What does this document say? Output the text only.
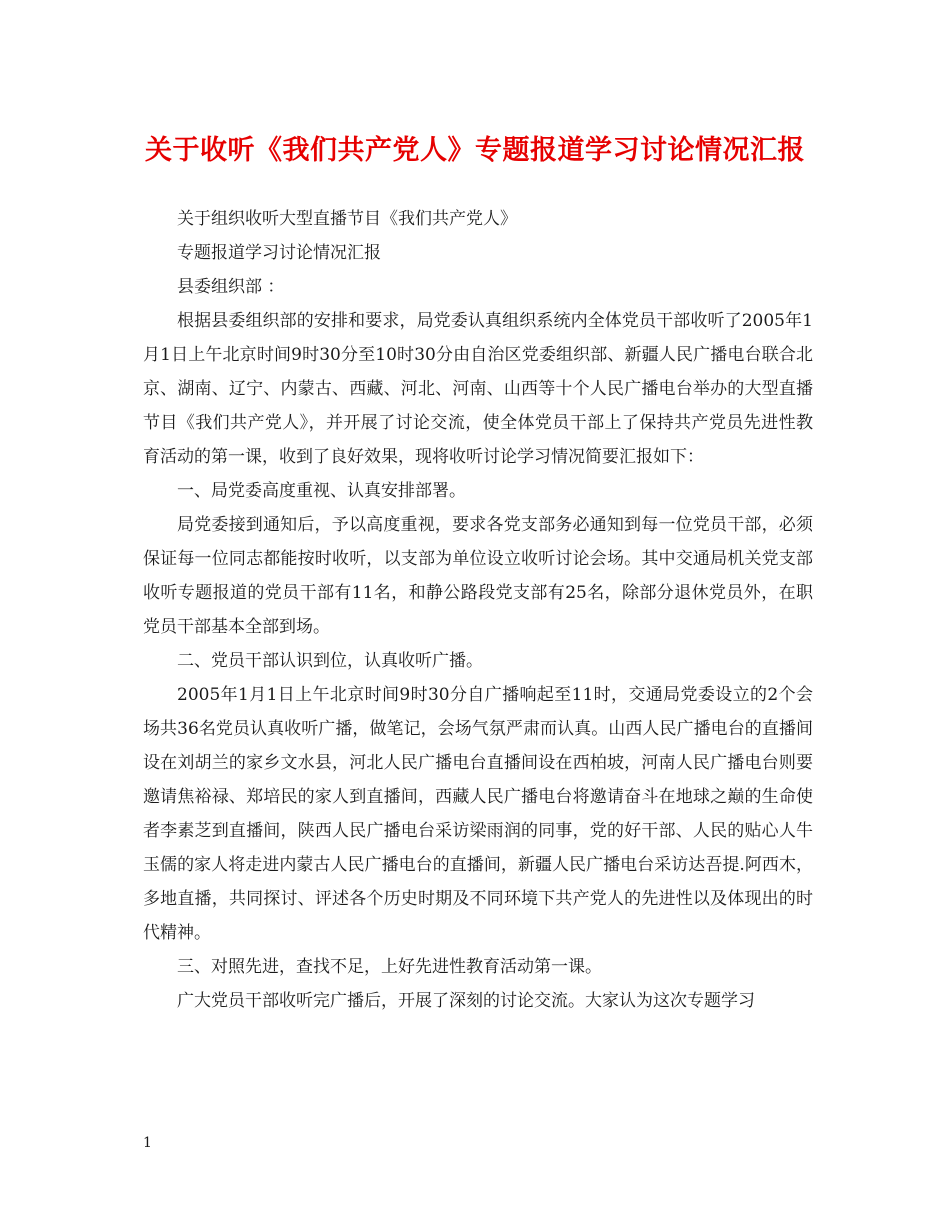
关于收听《我们共产党人》专题报道学习讨论情况汇报

关于组织收听大型直播节目《我们共产党人》

专题报道学习讨论情况汇报

县委组织部 ：

根据县委组织部的安排和要求，局党委认真组织系统内全体党员干部收听了2005年1月1日上午北京时间9时30分至10时30分由自治区党委组织部、新疆人民广播电台联合北京、湖南、辽宁、内蒙古、西藏、河北、河南、山西等十个人民广播电台举办的大型直播节目《我们共产党人》，并开展了讨论交流，使全体党员干部上了保持共产党员先进性教育活动的第一课，收到了良好效果，现将收听讨论学习情况简要汇报如下：

一、局党委高度重视、认真安排部署。

局党委接到通知后，予以高度重视，要求各党支部务必通知到每一位党员干部，必须保证每一位同志都能按时收听，以支部为单位设立收听讨论会场。其中交通局机关党支部收听专题报道的党员干部有11名，和静公路段党支部有25名，除部分退休党员外，在职党员干部基本全部到场。

二、党员干部认识到位，认真收听广播。

2005年1月1日上午北京时间9时30分自广播响起至11时，交通局党委设立的2个会场共36名党员认真收听广播，做笔记，会场气氛严肃而认真。山西人民广播电台的直播间设在刘胡兰的家乡文水县，河北人民广播电台直播间设在西柏坡，河南人民广播电台则要邀请焦裕禄、郑培民的家人到直播间，西藏人民广播电台将邀请奋斗在地球之巅的生命使者李素芝到直播间，陕西人民广播电台采访梁雨润的同事，党的好干部、人民的贴心人牛玉儒的家人将走进内蒙古人民广播电台的直播间，新疆人民广播电台采访达吾提.阿西木，多地直播，共同探讨、评述各个历史时期及不同环境下共产党人的先进性以及体现出的时代精神。

三、对照先进，查找不足，上好先进性教育活动第一课。

广大党员干部收听完广播后，开展了深刻的讨论交流。大家认为这次专题学习

1
